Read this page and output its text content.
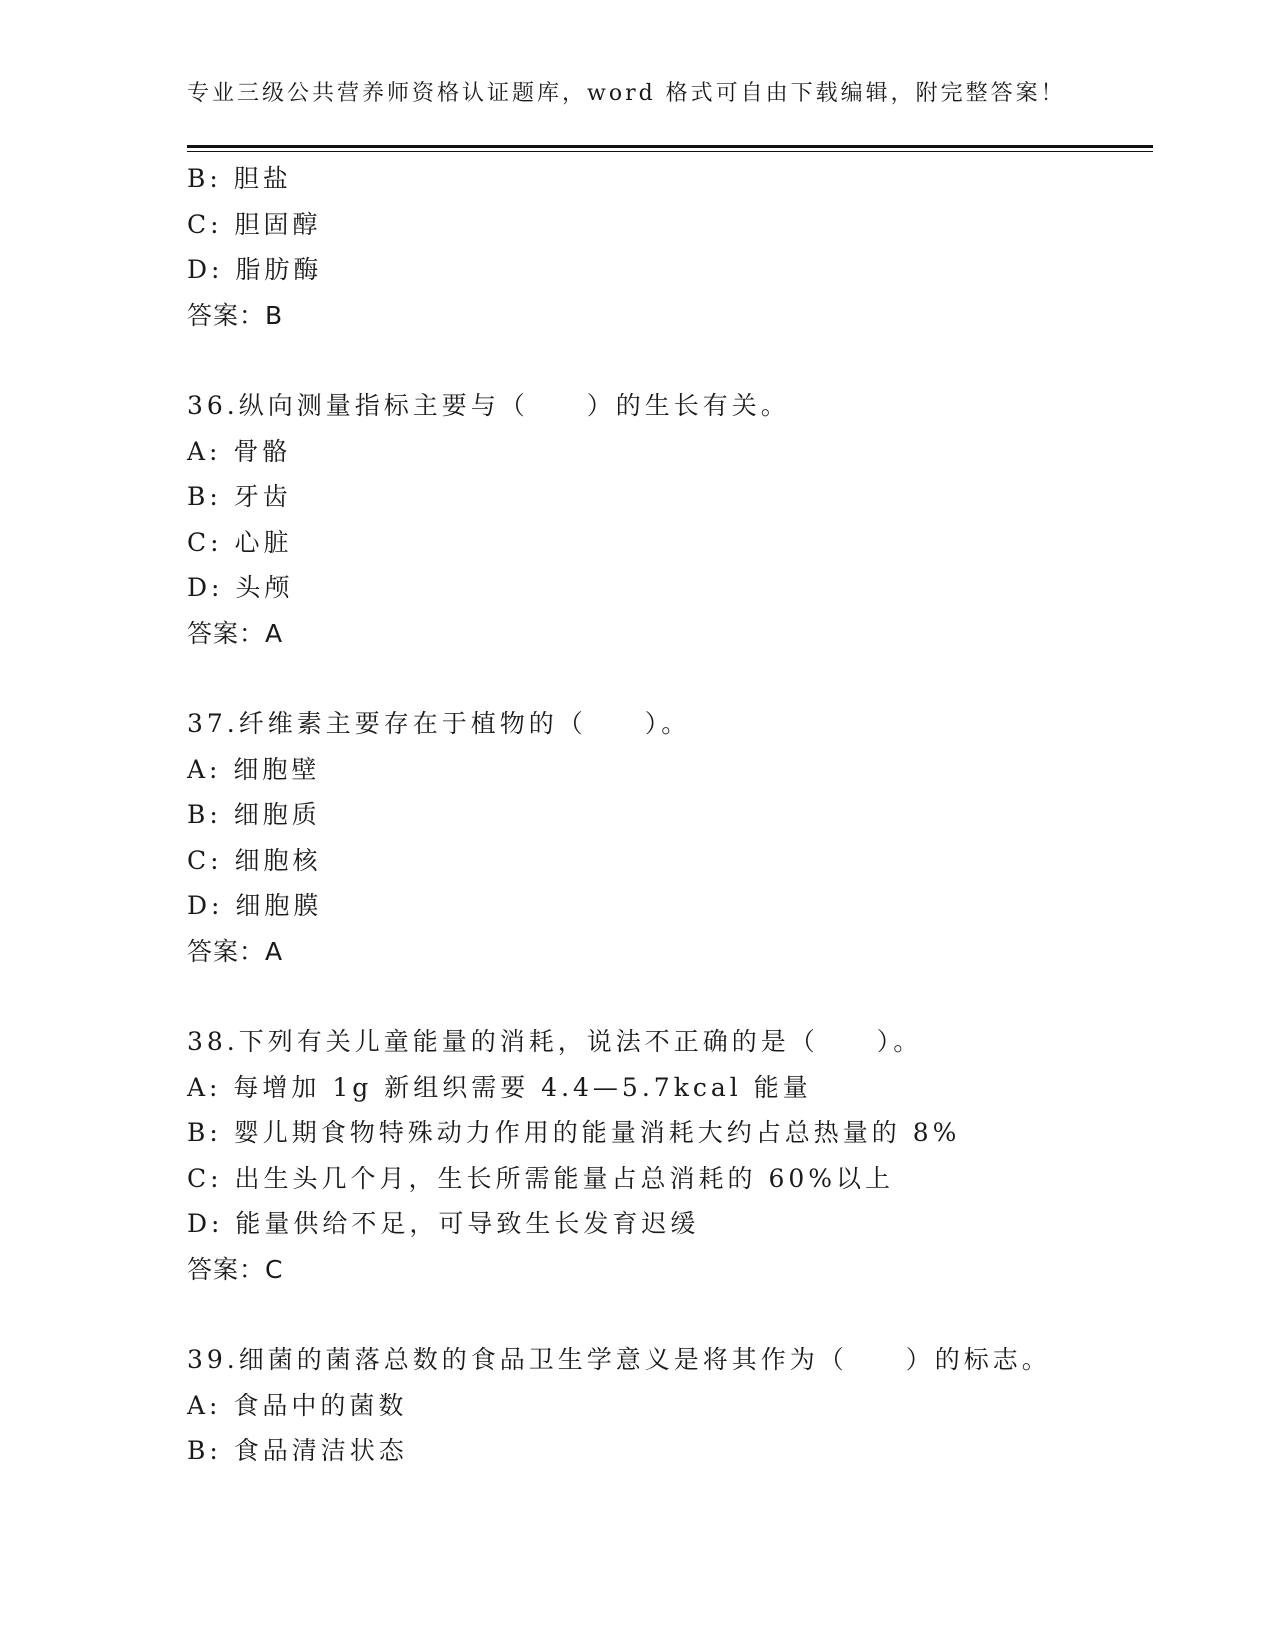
专业三级公共营养师资格认证题库，word 格式可自由下载编辑，附完整答案！
B: 胆盐
C: 胆固醇
D: 脂肪酶
答案：B
36.纵向测量指标主要与（　　）的生长有关。
A: 骨骼
B: 牙齿
C: 心脏
D: 头颅
答案：A
37.纤维素主要存在于植物的（　　）。
A: 细胞壁
B: 细胞质
C: 细胞核
D: 细胞膜
答案：A
38.下列有关儿童能量的消耗，说法不正确的是（　　）。
A: 每增加 1g 新组织需要 4.4—5.7kcal 能量
B: 婴儿期食物特殊动力作用的能量消耗大约占总热量的 8%
C: 出生头几个月，生长所需能量占总消耗的 60%以上
D: 能量供给不足，可导致生长发育迟缓
答案：C
39.细菌的菌落总数的食品卫生学意义是将其作为（　　）的标志。
A: 食品中的菌数
B: 食品清洁状态
